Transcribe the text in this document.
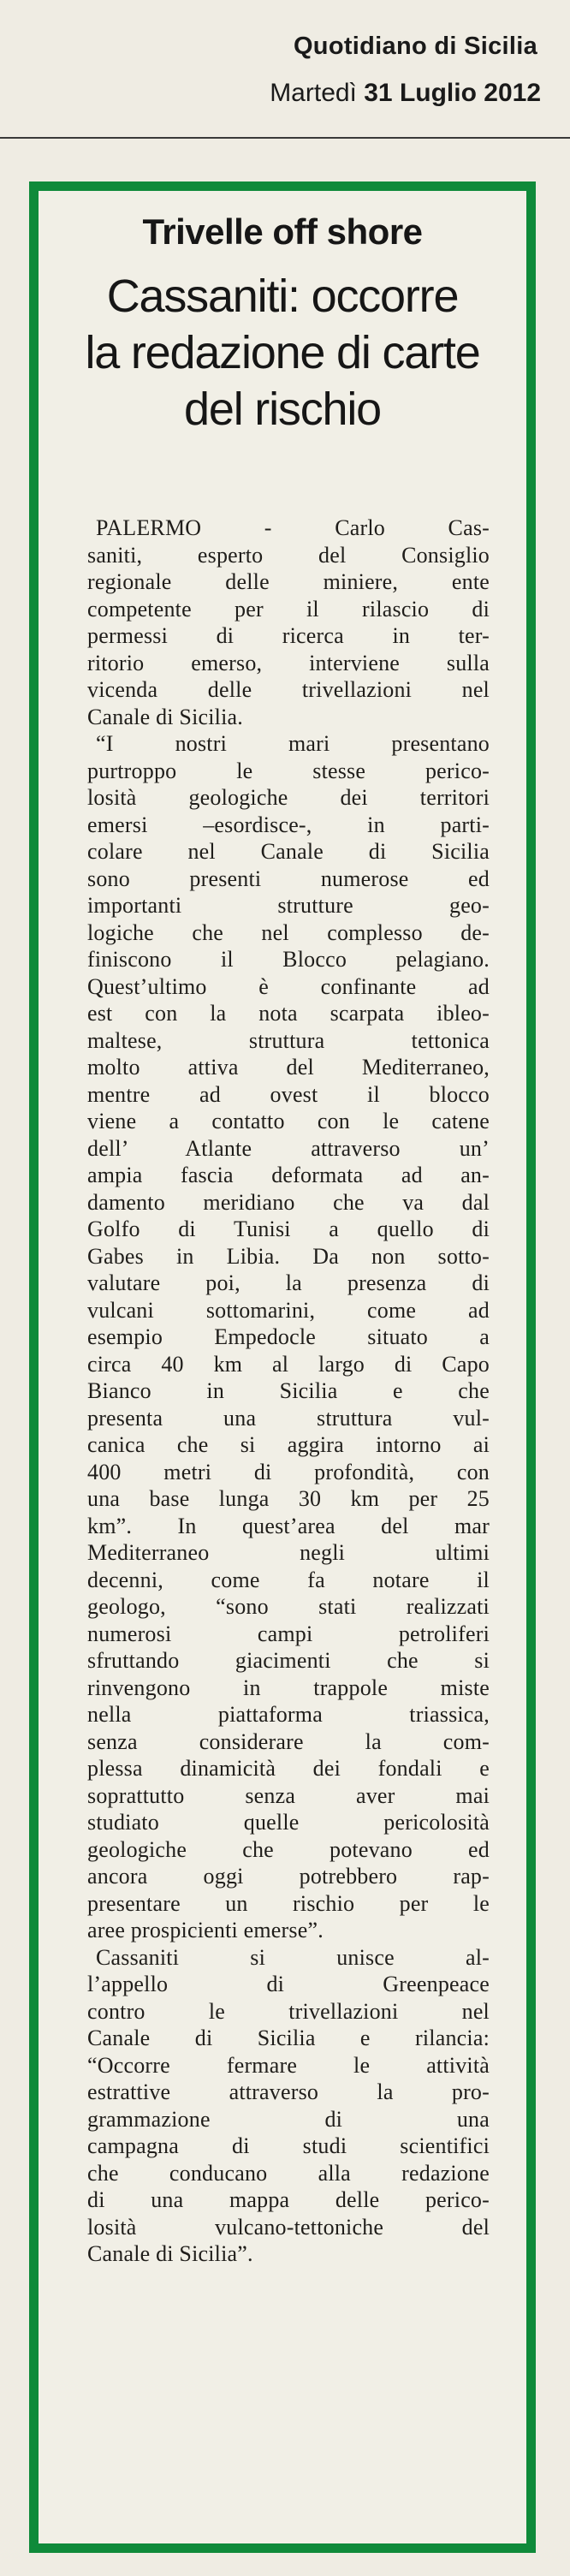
Quotidiano di Sicilia
Martedì 31 Luglio 2012
Trivelle off shore
Cassaniti: occorre
la redazione di carte
del rischio

PALERMO - Carlo Cas-
saniti, esperto del Consiglio
regionale delle miniere, ente
competente per il rilascio di
permessi di ricerca in ter-
ritorio emerso, interviene sulla
vicenda delle trivellazioni nel
Canale di Sicilia.

“I nostri mari presentano
purtroppo le stesse perico-
losità geologiche dei territori
emersi –esordisce-, in parti-
colare nel Canale di Sicilia
sono presenti numerose ed
importanti strutture geo-
logiche che nel complesso de-
finiscono il Blocco pelagiano.
Quest’ultimo è confinante ad
est con la nota scarpata ibleo-
maltese, struttura tettonica
molto attiva del Mediterraneo,
mentre ad ovest il blocco
viene a contatto con le catene
dell’ Atlante attraverso un’
ampia fascia deformata ad an-
damento meridiano che va dal
Golfo di Tunisi a quello di
Gabes in Libia. Da non sotto-
valutare poi, la presenza di
vulcani sottomarini, come ad
esempio Empedocle situato a
circa 40 km al largo di Capo
Bianco in Sicilia e che
presenta una struttura vul-
canica che si aggira intorno ai
400 metri di profondità, con
una base lunga 30 km per 25
km”. In quest’area del mar
Mediterraneo negli ultimi
decenni, come fa notare il
geologo, “sono stati realizzati
numerosi campi petroliferi
sfruttando giacimenti che si
rinvengono in trappole miste
nella piattaforma triassica,
senza considerare la com-
plessa dinamicità dei fondali e
soprattutto senza aver mai
studiato quelle pericolosità
geologiche che potevano ed
ancora oggi potrebbero rap-
presentare un rischio per le
aree prospicienti emerse”.

Cassaniti si unisce al-
l’appello di Greenpeace
contro le trivellazioni nel
Canale di Sicilia e rilancia:
“Occorre fermare le attività
estrattive attraverso la pro-
grammazione di una
campagna di studi scientifici
che conducano alla redazione
di una mappa delle perico-
losità vulcano-tettoniche del
Canale di Sicilia”.
